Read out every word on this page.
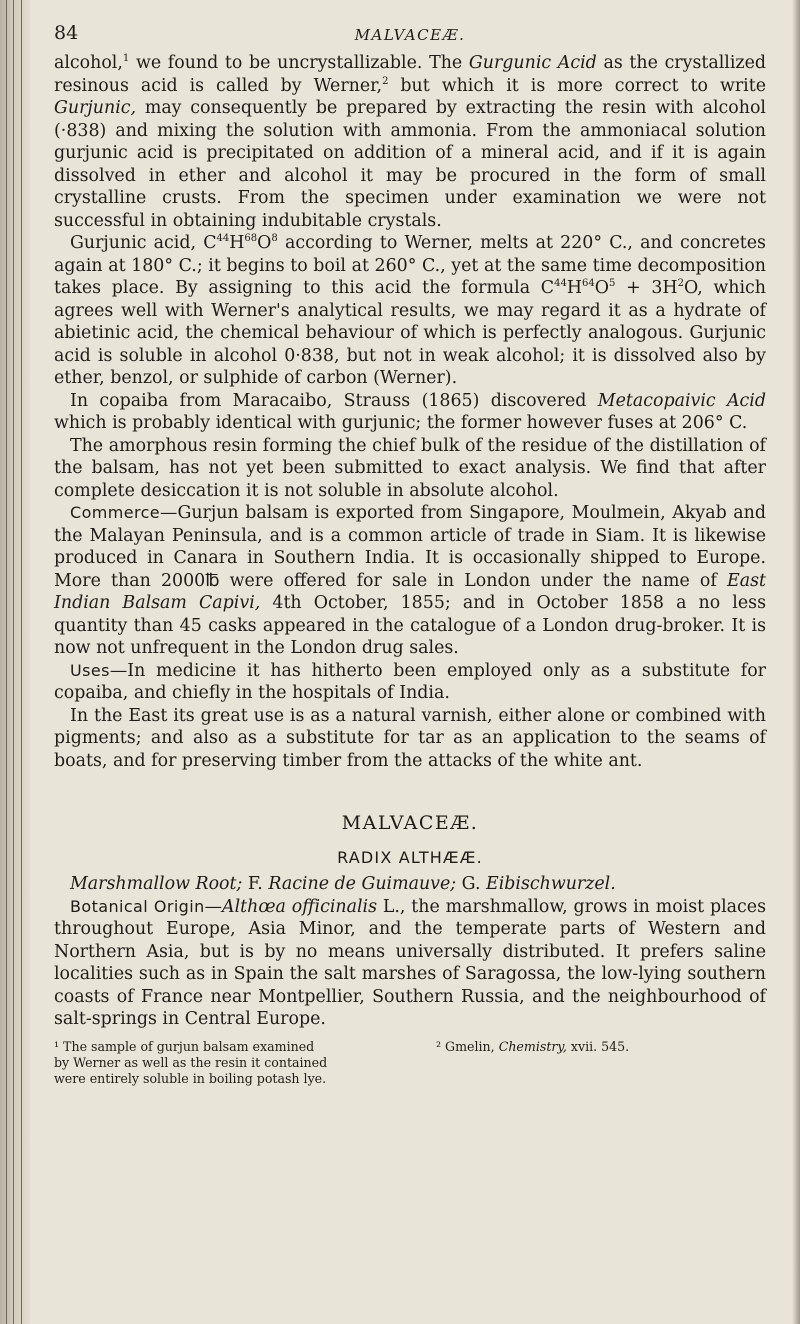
84	MALVACEÆ.

alcohol,$^1$ we found to be uncrystallizable. The Gurgunic Acid as the crystallized resinous acid is called by Werner,$^2$ but which it is more correct to write Gurjunic, may consequently be prepared by extracting the resin with alcohol (·838) and mixing the solution with ammonia. From the ammoniacal solution gurjunic acid is precipitated on addition of a mineral acid, and if it is again dissolved in ether and alcohol it may be procured in the form of small crystalline crusts. From the specimen under examination we were not successful in obtaining indubitable crystals.

Gurjunic acid, $C^{44}H^{68}O^8$ according to Werner, melts at 220° C., and concretes again at 180° C.; it begins to boil at 260° C., yet at the same time decomposition takes place. By assigning to this acid the formula $C^{44}H^{64}O^5 + 3H^2O$, which agrees well with Werner's analytical results, we may regard it as a hydrate of abietinic acid, the chemical behaviour of which is perfectly analogous. Gurjunic acid is soluble in alcohol 0·838, but not in weak alcohol; it is dissolved also by ether, benzol, or sulphide of carbon (Werner).

In copaiba from Maracaibo, Strauss (1865) discovered Metacopaivic Acid which is probably identical with gurjunic; the former however fuses at 206° C.

The amorphous resin forming the chief bulk of the residue of the distillation of the balsam, has not yet been submitted to exact analysis. We find that after complete desiccation it is not soluble in absolute alcohol.

Commerce—Gurjun balsam is exported from Singapore, Moulmein, Akyab and the Malayan Peninsula, and is a common article of trade in Siam. It is likewise produced in Canara in Southern India. It is occasionally shipped to Europe. More than 2000℔ were offered for sale in London under the name of East Indian Balsam Capivi, 4th October, 1855; and in October 1858 a no less quantity than 45 casks appeared in the catalogue of a London drug-broker. It is now not unfrequent in the London drug sales.

Uses—In medicine it has hitherto been employed only as a substitute for copaiba, and chiefly in the hospitals of India.

In the East its great use is as a natural varnish, either alone or combined with pigments; and also as a substitute for tar as an application to the seams of boats, and for preserving timber from the attacks of the white ant.

MALVACEÆ.

RADIX ALTHÆÆ.

Marshmallow Root; F. Racine de Guimauve; G. Eibischwurzel.

Botanical Origin—Althœa officinalis L., the marshmallow, grows in moist places throughout Europe, Asia Minor, and the temperate parts of Western and Northern Asia, but is by no means universally distributed. It prefers saline localities such as in Spain the salt marshes of Saragossa, the low-lying southern coasts of France near Montpellier, Southern Russia, and the neighbourhood of salt-springs in Central Europe.

¹ The sample of gurjun balsam examined
by Werner as well as the resin it contained
were entirely soluble in boiling potash lye.
² Gmelin, Chemistry, xvii. 545.
